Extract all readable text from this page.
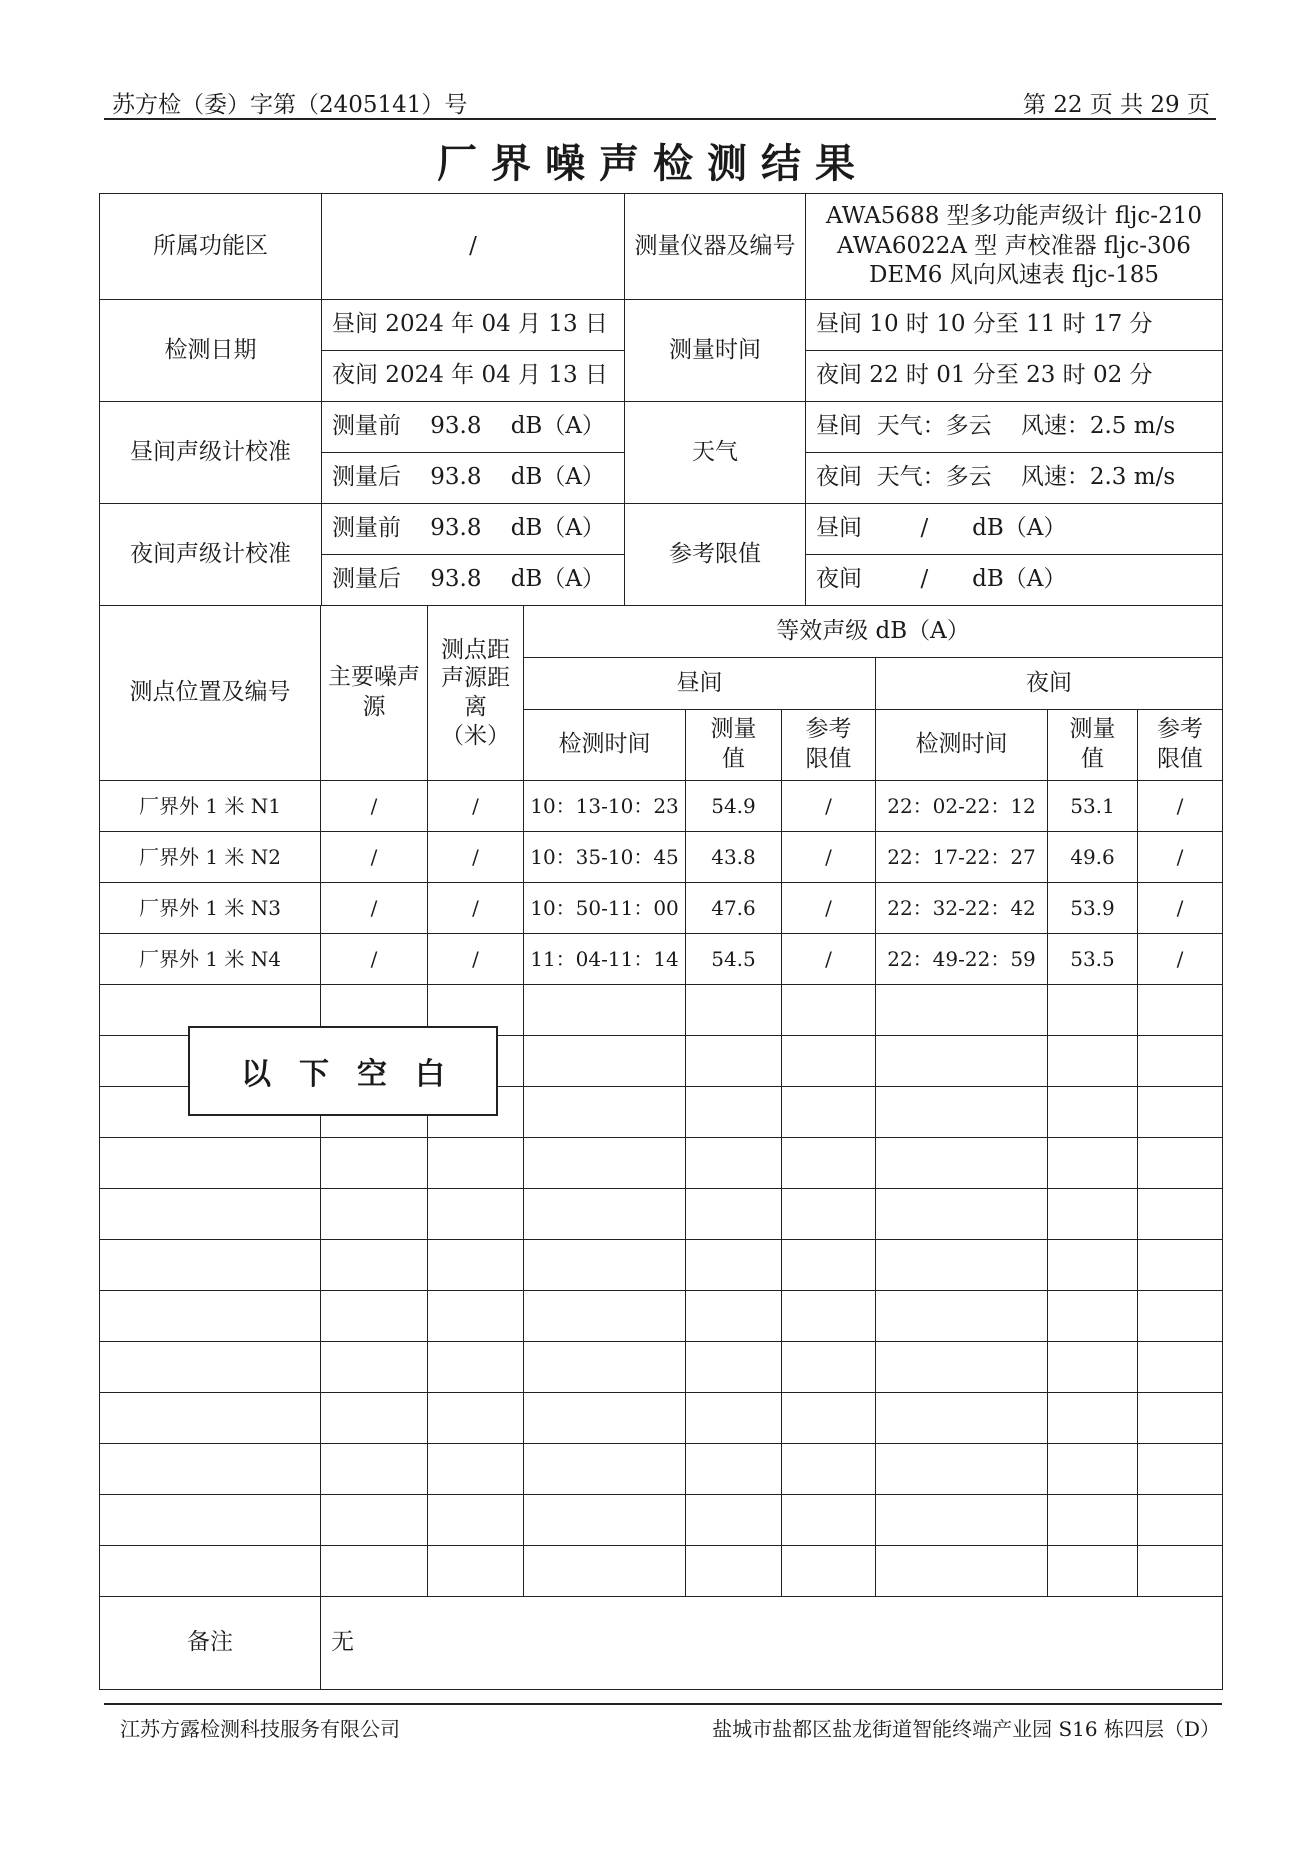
苏方检（委）字第（2405141）号	第 22 页 共 29 页
厂界噪声检测结果
所属功能区	/	测量仪器及编号	AWA5688 型多功能声级计 fljc-210
AWA6022A 型 声校准器 fljc-306
DEM6 风向风速表 fljc-185

检测日期	昼间 2024 年 04 月 13 日	测量时间	昼间 10 时 10 分至 11 时 17 分
	夜间 2024 年 04 月 13 日		夜间 22 时 01 分至 23 时 02 分
昼间声级计校准	测量前    93.8    dB（A）	天气	昼间  天气：多云    风速：2.5 m/s
	测量后    93.8    dB（A）		夜间  天气：多云    风速：2.3 m/s
夜间声级计校准	测量前    93.8    dB（A）	参考限值	昼间        /      dB（A）
	测量后    93.8    dB（A）		夜间        /      dB（A）
测点位置及编号	主要噪声源	测点距声源距离（米）	等效声级 dB（A）					
			昼间			夜间		
			检测时间	测量值	参考限值	检测时间	测量值	参考限值
厂界外 1 米 N1	/	/	10：13-10：23	54.9	/	22：02-22：12	53.1	/
厂界外 1 米 N2	/	/	10：35-10：45	43.8	/	22：17-22：27	49.6	/
厂界外 1 米 N3	/	/	10：50-11：00	47.6	/	22：32-22：42	53.9	/
厂界外 1 米 N4	/	/	11：04-11：14	54.5	/	22：49-22：59	53.5	/

备注	无							
以下空白
江苏方露检测科技服务有限公司	盐城市盐都区盐龙街道智能终端产业园 S16 栋四层（D）
